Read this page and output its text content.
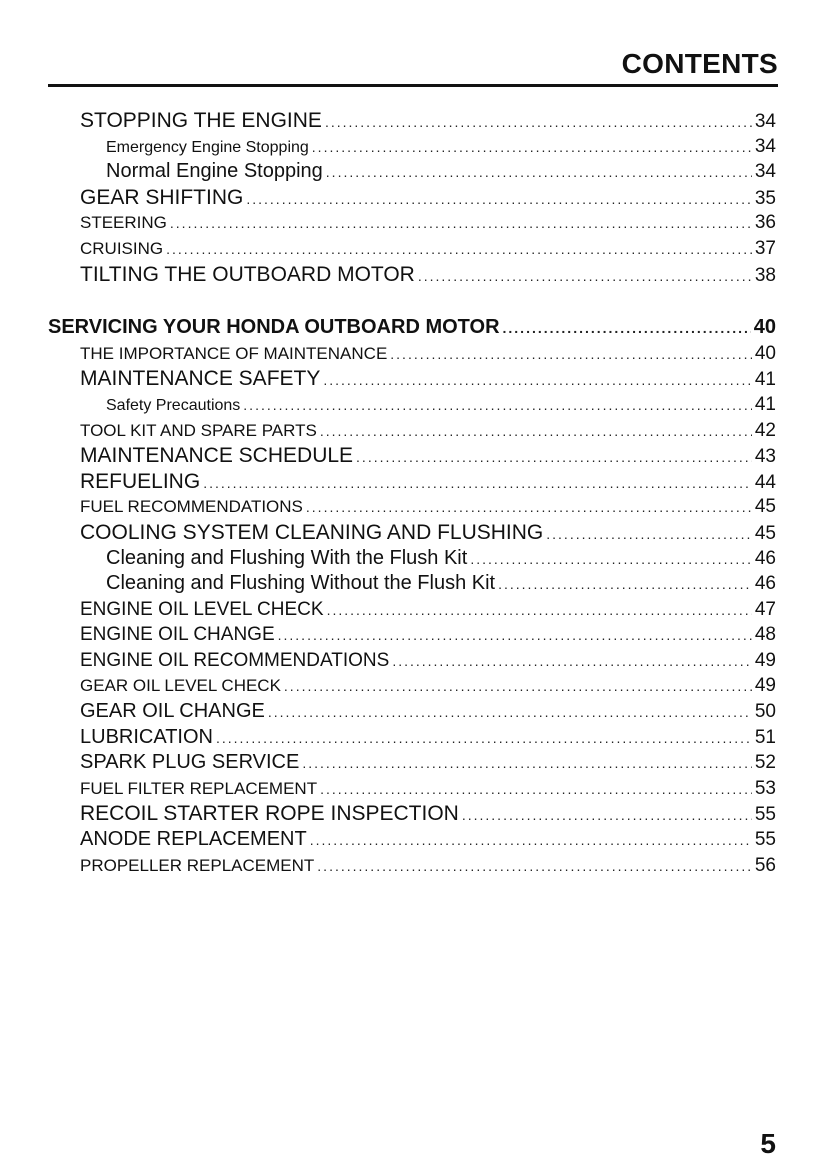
CONTENTS
STOPPING THE ENGINE .....	34
Emergency Engine Stopping .....	34
Normal Engine Stopping .....	34
GEAR SHIFTING .....	35
STEERING .....	36
CRUISING .....	37
TILTING THE OUTBOARD MOTOR .....	38
SERVICING YOUR HONDA OUTBOARD MOTOR .....	40
THE IMPORTANCE OF MAINTENANCE .....	40
MAINTENANCE SAFETY .....	41
Safety Precautions .....	41
TOOL KIT AND SPARE PARTS .....	42
MAINTENANCE SCHEDULE .....	43
REFUELING .....	44
FUEL RECOMMENDATIONS .....	45
COOLING SYSTEM CLEANING AND FLUSHING .....	45
Cleaning and Flushing With the Flush Kit .....	46
Cleaning and Flushing Without the Flush Kit .....	46
ENGINE OIL LEVEL CHECK .....	47
ENGINE OIL CHANGE .....	48
ENGINE OIL RECOMMENDATIONS .....	49
GEAR OIL LEVEL CHECK .....	49
GEAR OIL CHANGE .....	50
LUBRICATION .....	51
SPARK PLUG SERVICE .....	52
FUEL FILTER REPLACEMENT .....	53
RECOIL STARTER ROPE INSPECTION .....	55
ANODE REPLACEMENT .....	55
PROPELLER REPLACEMENT .....	56
5
